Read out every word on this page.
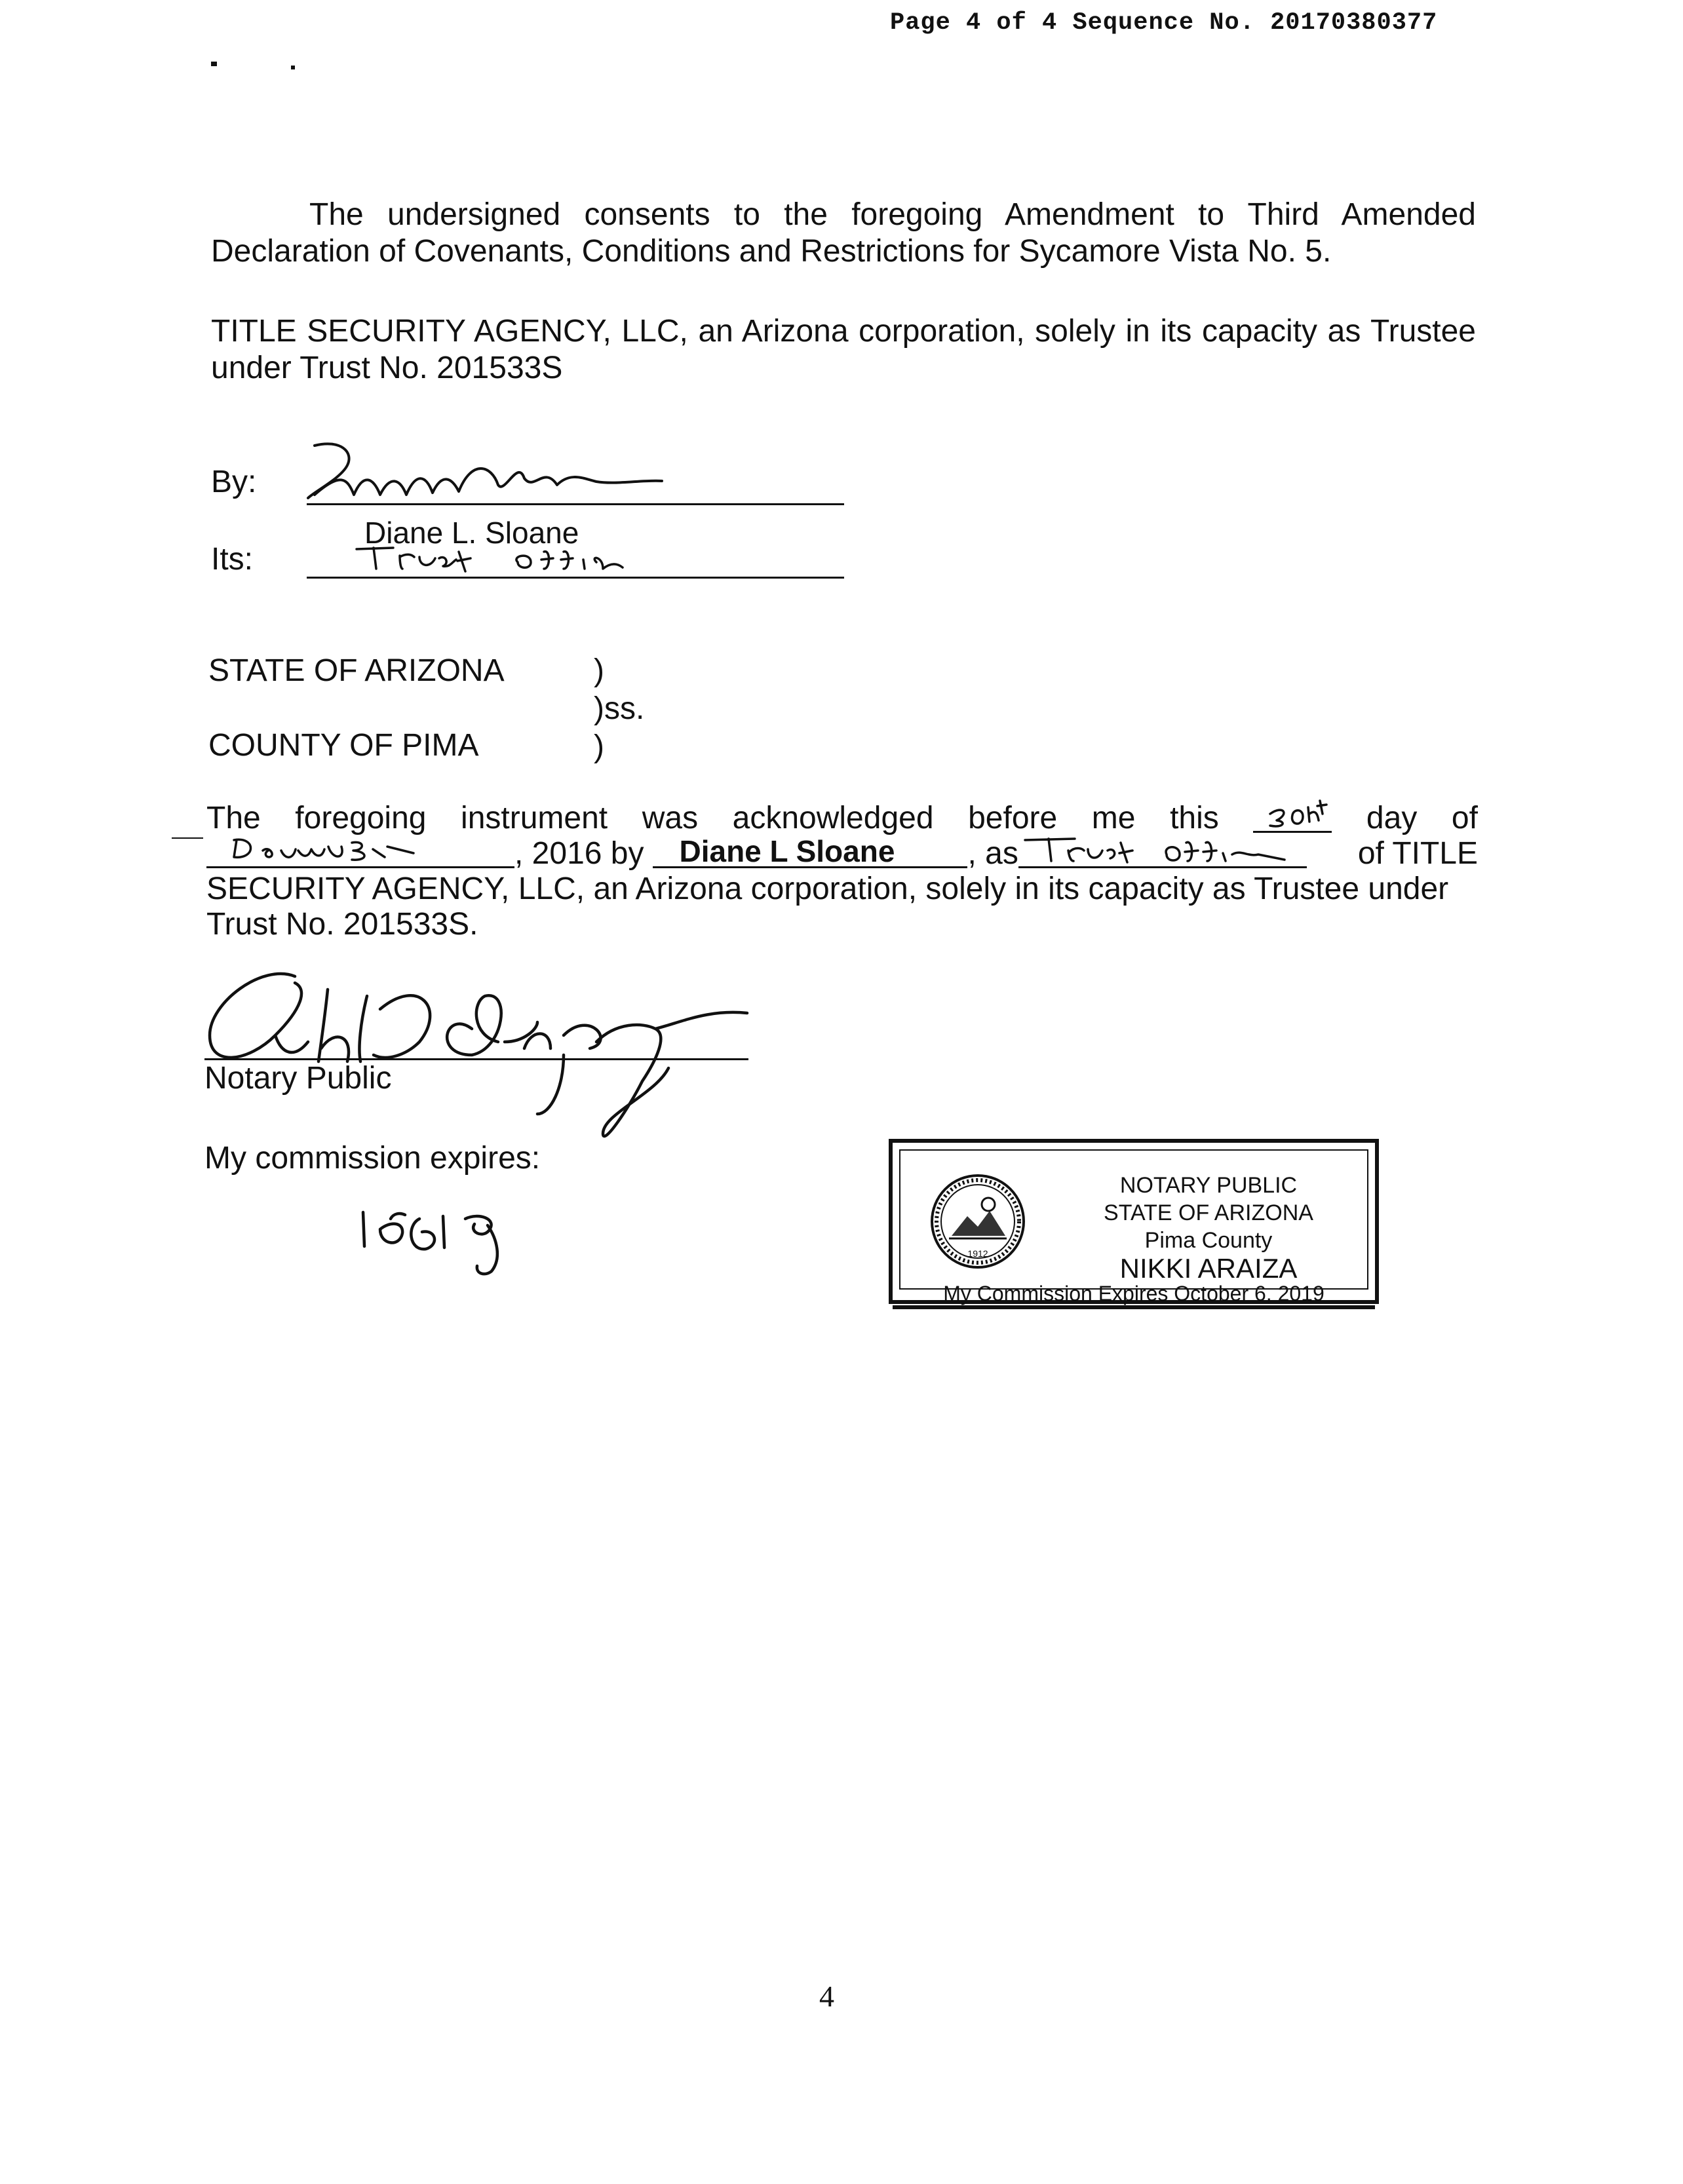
Page 4 of 4 Sequence No. 20170380377
The undersigned consents to the foregoing Amendment to Third Amended Declaration of Covenants, Conditions and Restrictions for Sycamore Vista No. 5.
TITLE SECURITY AGENCY, LLC, an Arizona corporation, solely in its capacity as Trustee under Trust No. 201533S
By:
Diane L. Sloane
Its:
STATE OF ARIZONA	)
)ss.
COUNTY OF PIMA	)
The foregoing instrument was acknowledged before me this

	day of

, 2016 by

Diane L Sloane

, as

	of TITLE
SECURITY AGENCY, LLC, an Arizona corporation, solely in its capacity as Trustee under
Trust No. 201533S.
Notary Public
My commission expires:
1912
NOTARY PUBLIC
STATE OF ARIZONA
Pima County
NIKKI ARAIZA
My Commission Expires October 6, 2019
4
